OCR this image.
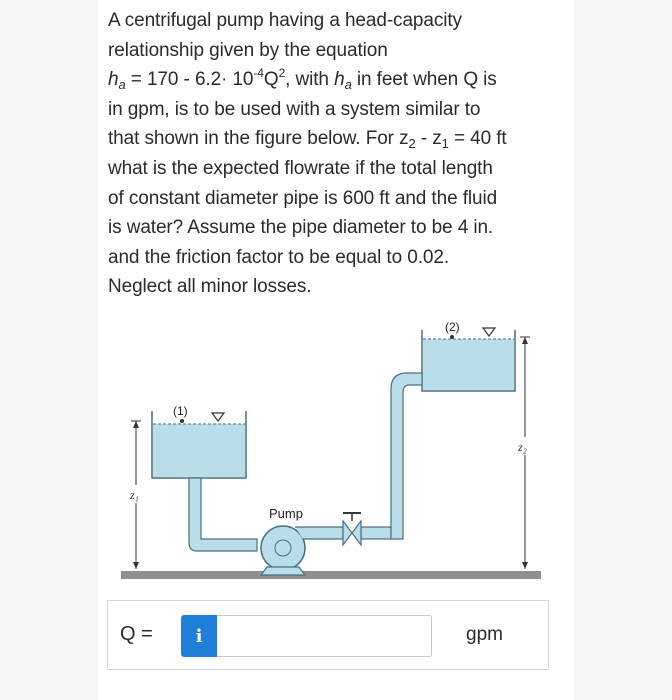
A centrifugal pump having a head-capacity

relationship given by the equation

$h_a = 170 - 6.2\cdot 10^{-4}Q^2$, with $h_a$ in feet when Q is

in gpm, is to be used with a system similar to

that shown in the figure below. For $z_2 - z_1 = 40$ ft

what is the expected flowrate if the total length

of constant diameter pipe is 600 ft and the fluid

is water? Assume the pipe diameter to be 4 in.

and the friction factor to be equal to 0.02.

Neglect all minor losses.

z₁
z₂
(1)
(2)
Pump
Q =	i	gpm
